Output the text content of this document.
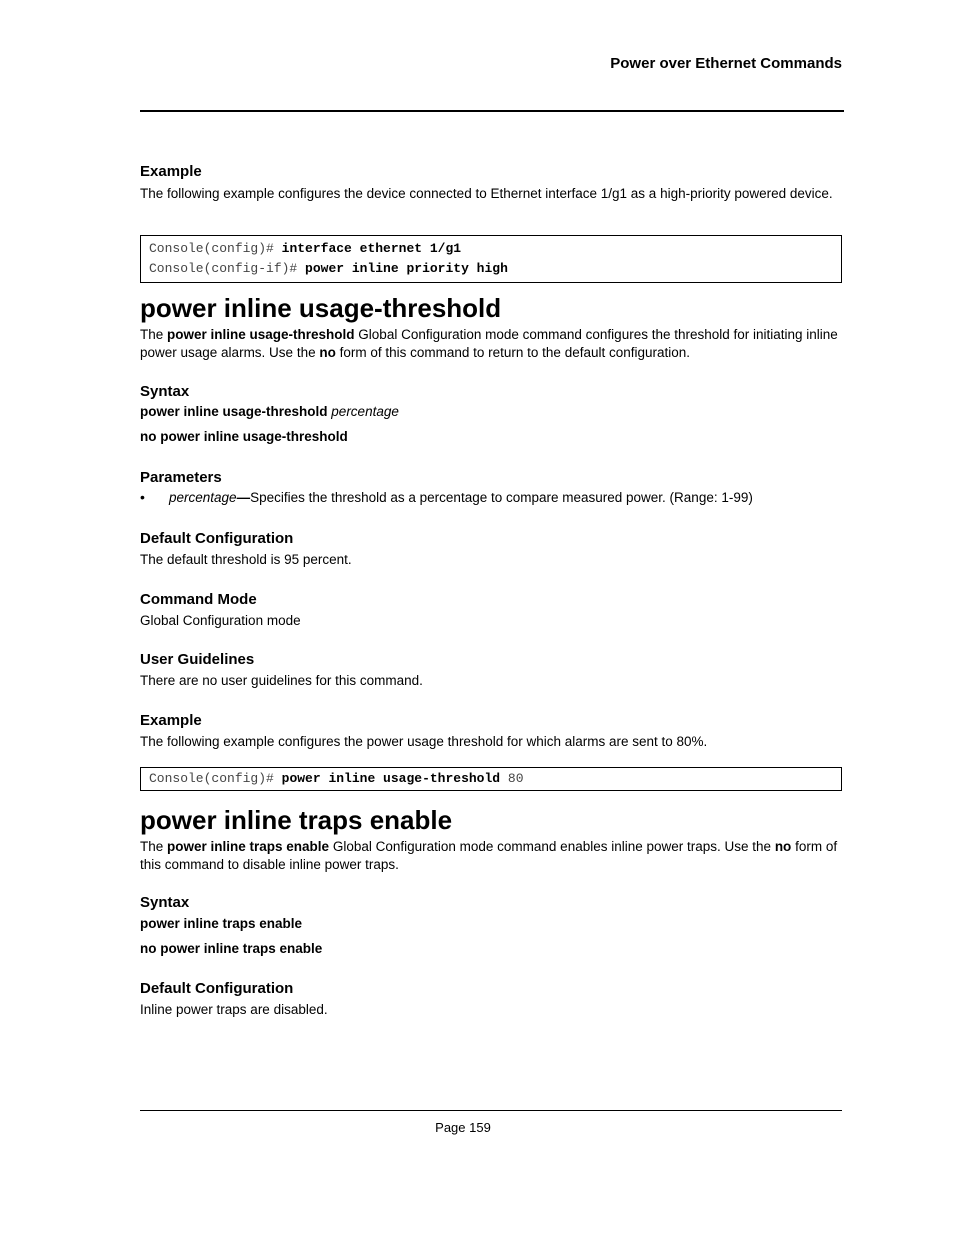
Power over Ethernet Commands
Example
The following example configures the device connected to Ethernet interface 1/g1 as a high-priority powered device.
Console(config)# interface ethernet 1/g1
Console(config-if)# power inline priority high
power inline usage-threshold
The power inline usage-threshold Global Configuration mode command configures the threshold for initiating inline power usage alarms. Use the no form of this command to return to the default configuration.
Syntax
power inline usage-threshold percentage
no power inline usage-threshold
Parameters
• percentage—Specifies the threshold as a percentage to compare measured power. (Range: 1-99)
Default Configuration
The default threshold is 95 percent.
Command Mode
Global Configuration mode
User Guidelines
There are no user guidelines for this command.
Example
The following example configures the power usage threshold for which alarms are sent to 80%.
Console(config)# power inline usage-threshold 80
power inline traps enable
The power inline traps enable Global Configuration mode command enables inline power traps. Use the no form of this command to disable inline power traps.
Syntax
power inline traps enable
no power inline traps enable
Default Configuration
Inline power traps are disabled.
Page 159
